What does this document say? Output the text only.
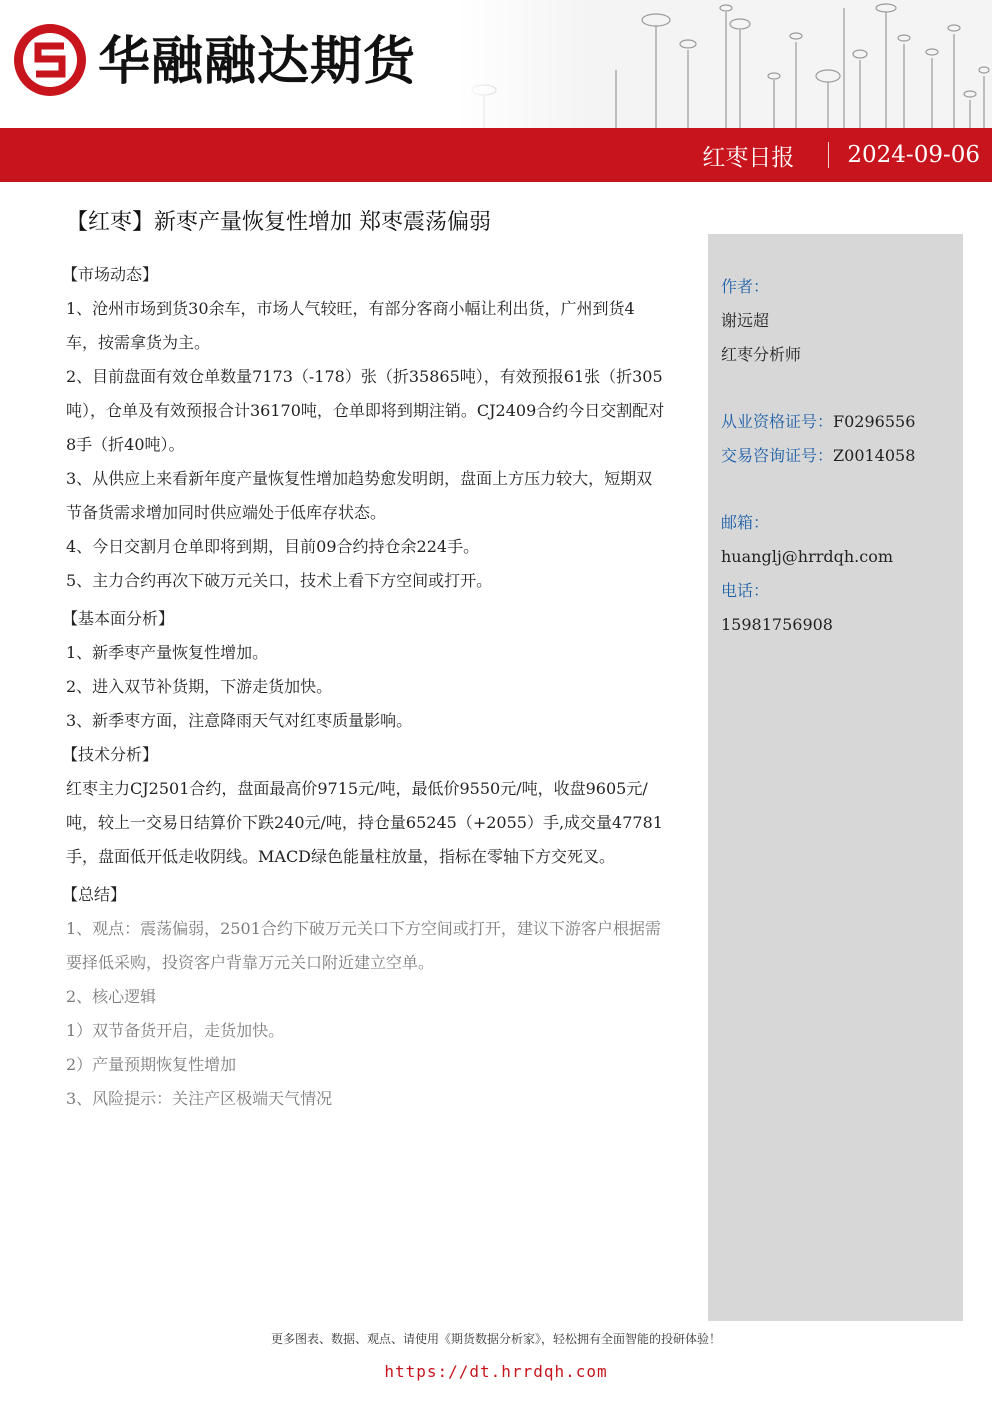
华融融达期货
红枣日报 2024-09-06
【红枣】新枣产量恢复性增加 郑枣震荡偏弱
【市场动态】
1、沧州市场到货30余车，市场人气较旺，有部分客商小幅让利出货，广州到货4车，按需拿货为主。
2、目前盘面有效仓单数量7173（-178）张（折35865吨），有效预报61张（折305吨），仓单及有效预报合计36170吨，仓单即将到期注销。CJ2409合约今日交割配对8手（折40吨）。
3、从供应上来看新年度产量恢复性增加趋势愈发明朗，盘面上方压力较大，短期双节备货需求增加同时供应端处于低库存状态。
4、今日交割月仓单即将到期，目前09合约持仓余224手。
5、主力合约再次下破万元关口，技术上看下方空间或打开。
【基本面分析】
1、新季枣产量恢复性增加。
2、进入双节补货期，下游走货加快。
3、新季枣方面，注意降雨天气对红枣质量影响。
【技术分析】
红枣主力CJ2501合约，盘面最高价9715元/吨，最低价9550元/吨，收盘9605元/吨，较上一交易日结算价下跌240元/吨，持仓量65245（+2055）手,成交量47781手，盘面低开低走收阴线。MACD绿色能量柱放量，指标在零轴下方交死叉。
【总结】
1、观点：震荡偏弱，2501合约下破万元关口下方空间或打开，建议下游客户根据需要择低采购，投资客户背靠万元关口附近建立空单。
2、核心逻辑
1）双节备货开启，走货加快。
2）产量预期恢复性增加
3、风险提示：关注产区极端天气情况
作者：
谢远超
红枣分析师
从业资格证号：F0296556
交易咨询证号：Z0014058
邮箱：
huanglj@hrrdqh.com
电话：
15981756908
更多图表、数据、观点、请使用《期货数据分析家》，轻松拥有全面智能的投研体验！
https://dt.hrrdqh.com
